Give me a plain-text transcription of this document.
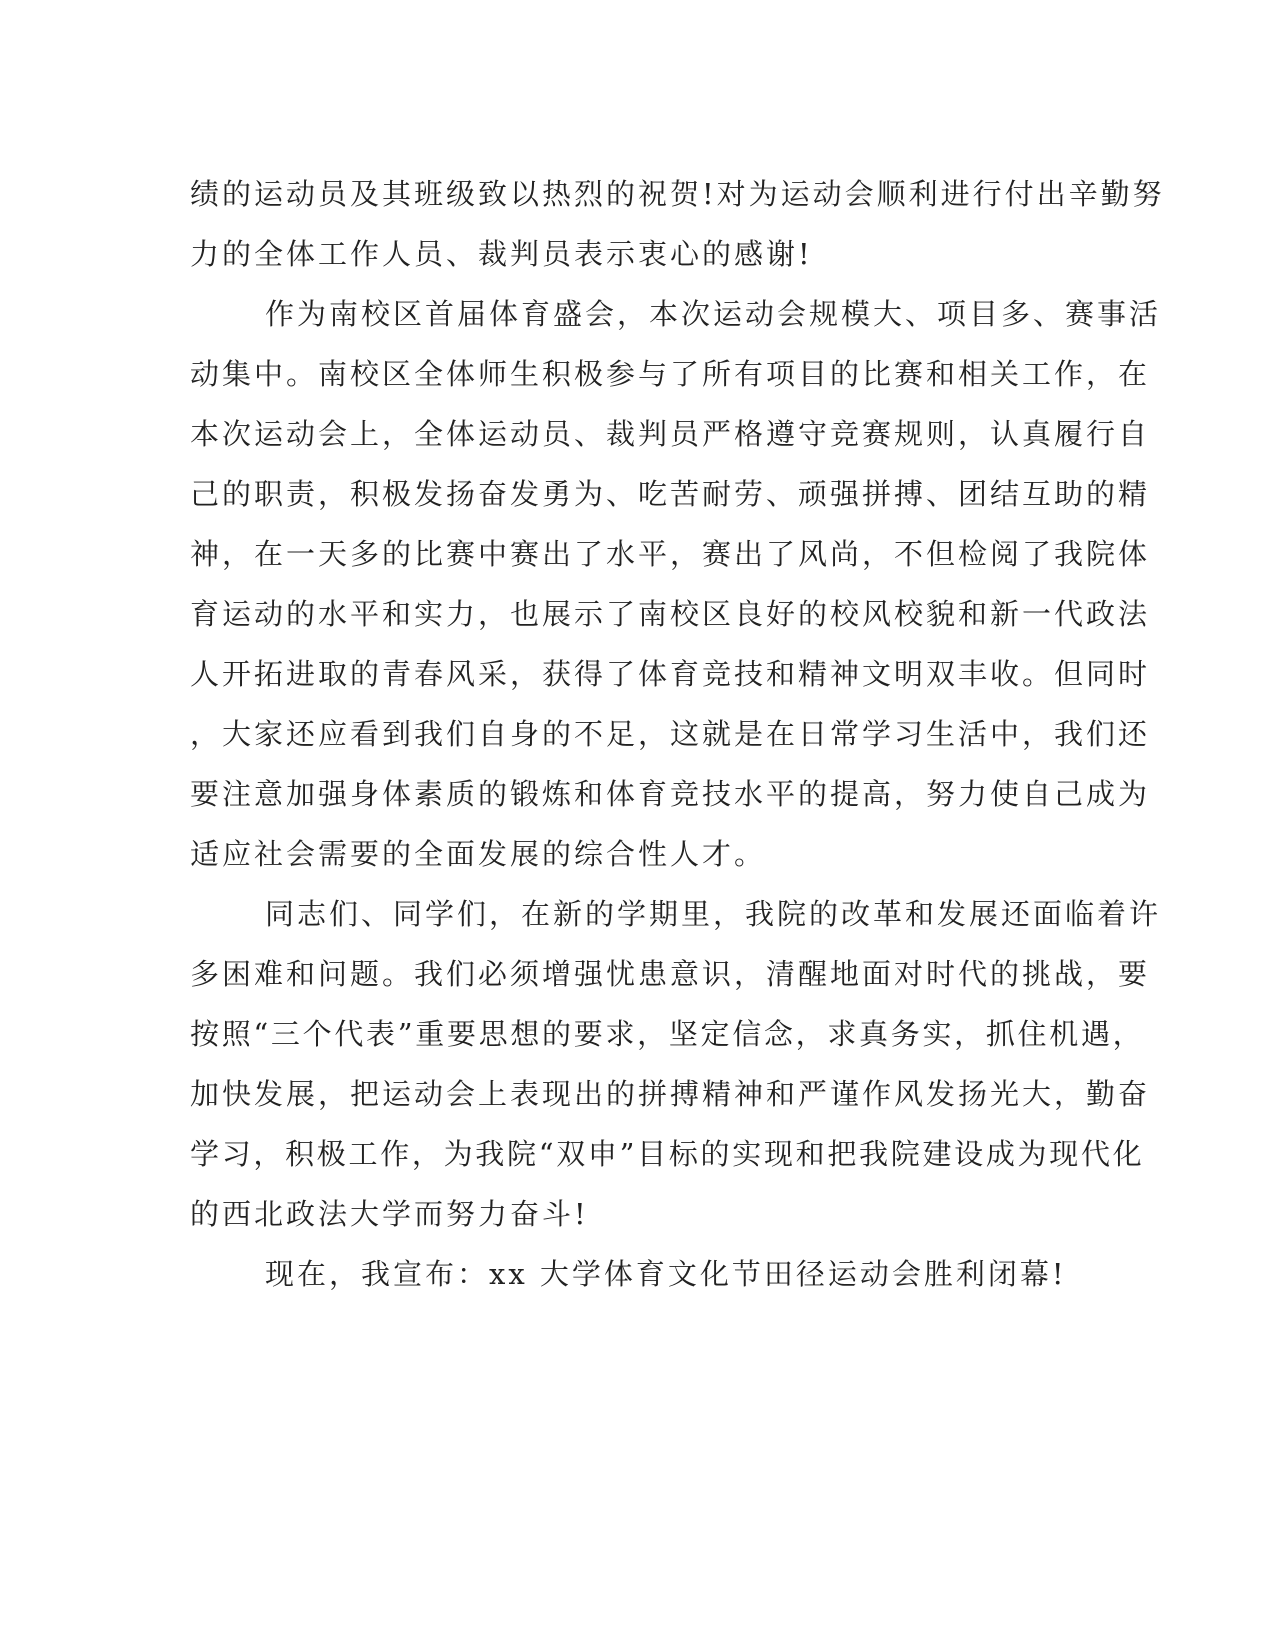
绩的运动员及其班级致以热烈的祝贺!对为运动会顺利进行付出辛勤努
力的全体工作人员、裁判员表示衷心的感谢!
作为南校区首届体育盛会，本次运动会规模大、项目多、赛事活
动集中。南校区全体师生积极参与了所有项目的比赛和相关工作，在
本次运动会上，全体运动员、裁判员严格遵守竞赛规则，认真履行自
己的职责，积极发扬奋发勇为、吃苦耐劳、顽强拼搏、团结互助的精
神，在一天多的比赛中赛出了水平，赛出了风尚，不但检阅了我院体
育运动的水平和实力，也展示了南校区良好的校风校貌和新一代政法
人开拓进取的青春风采，获得了体育竞技和精神文明双丰收。但同时
，大家还应看到我们自身的不足，这就是在日常学习生活中，我们还
要注意加强身体素质的锻炼和体育竞技水平的提高，努力使自己成为
适应社会需要的全面发展的综合性人才。
同志们、同学们，在新的学期里，我院的改革和发展还面临着许
多困难和问题。我们必须增强忧患意识，清醒地面对时代的挑战，要
按照“三个代表”重要思想的要求，坚定信念，求真务实，抓住机遇，
加快发展，把运动会上表现出的拼搏精神和严谨作风发扬光大，勤奋
学习，积极工作，为我院“双申”目标的实现和把我院建设成为现代化
的西北政法大学而努力奋斗!
现在，我宣布：xx 大学体育文化节田径运动会胜利闭幕!
